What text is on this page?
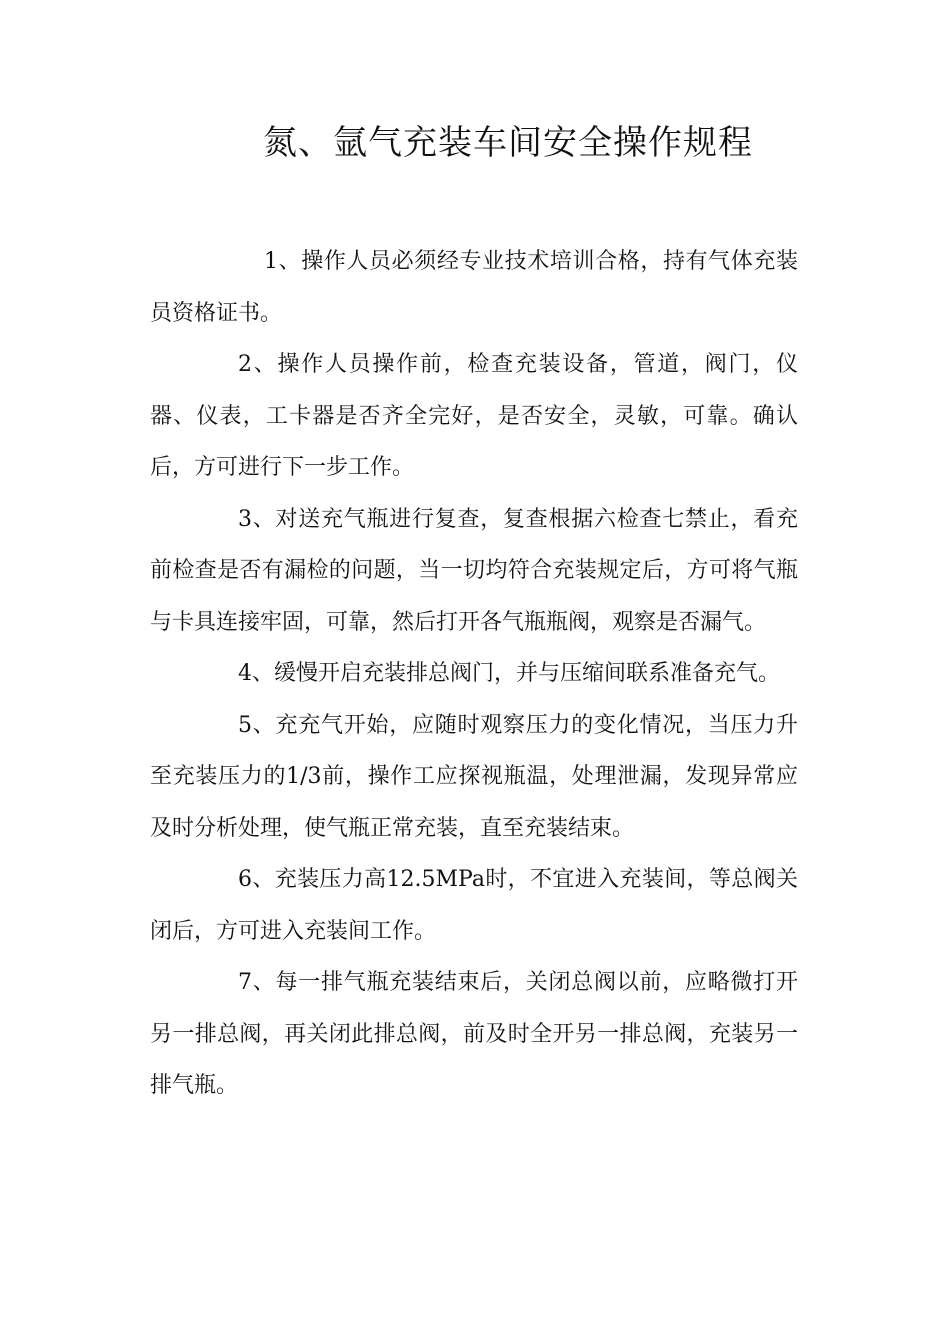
氮、氩气充装车间安全操作规程

1、操作人员必须经专业技术培训合格，持有气体充装员资格证书。

2、操作人员操作前，检查充装设备，管道，阀门，仪器、仪表，工卡器是否齐全完好，是否安全，灵敏，可靠。确认后，方可进行下一步工作。

3、对送充气瓶进行复查，复查根据六检查七禁止，看充前检查是否有漏检的问题，当一切均符合充装规定后，方可将气瓶与卡具连接牢固，可靠，然后打开各气瓶瓶阀，观察是否漏气。

4、缓慢开启充装排总阀门，并与压缩间联系准备充气。

5、充充气开始，应随时观察压力的变化情况，当压力升至充装压力的1/3前，操作工应探视瓶温，处理泄漏，发现异常应及时分析处理，使气瓶正常充装，直至充装结束。

6、充装压力高12.5MPa时，不宜进入充装间，等总阀关闭后，方可进入充装间工作。

7、每一排气瓶充装结束后，关闭总阀以前，应略微打开另一排总阀，再关闭此排总阀，前及时全开另一排总阀，充装另一排气瓶。
